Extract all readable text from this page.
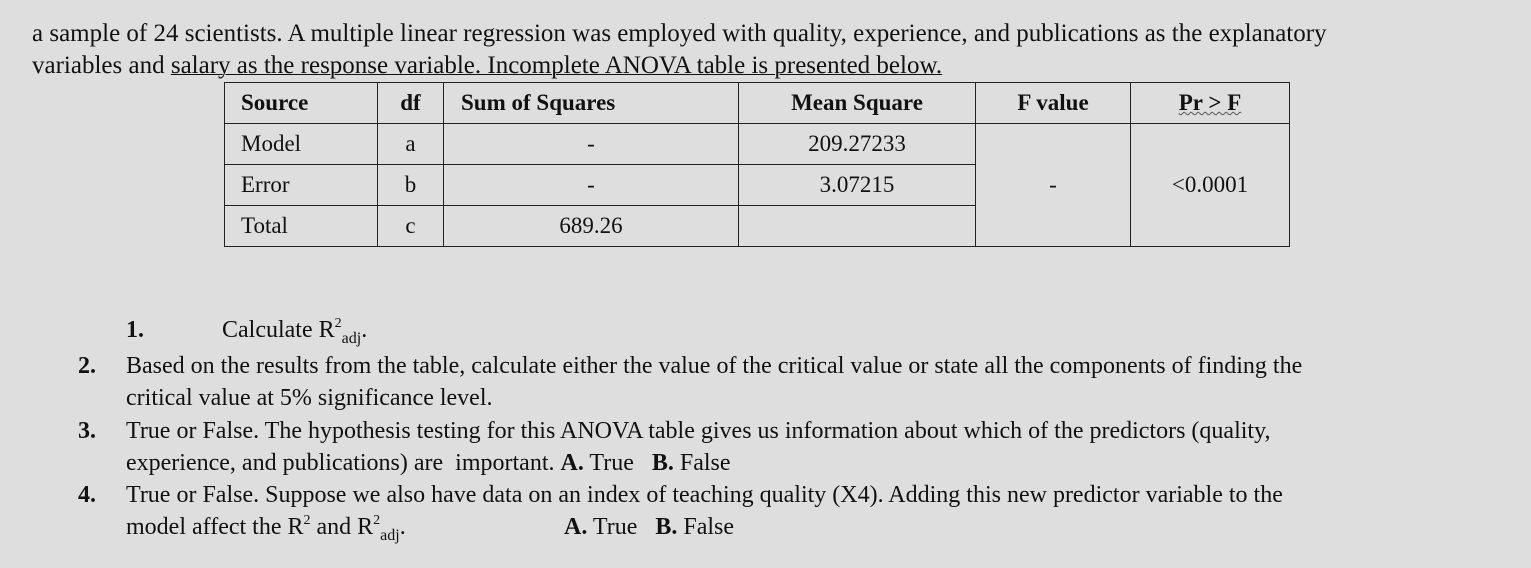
a sample of 24 scientists. A multiple linear regression was employed with quality, experience, and publications as the explanatory
variables and salary as the response variable. Incomplete ANOVA table is presented below.
Source	df	Sum of Squares	Mean Square	F value	Pr > F
Model	a	-	209.27233	-	<0.0001
Error	b	-	3.07215		
Total	c	689.26			
1.	Calculate $R^2_{adj}$.
2. Based on the results from the table, calculate either the value of the critical value or state all the components of finding the
critical value at 5% significance level.
3. True or False. The hypothesis testing for this ANOVA table gives us information about which of the predictors (quality,
experience, and publications) are  important. A. True   B. False
4. True or False. Suppose we also have data on an index of teaching quality (X4). Adding this new predictor variable to the
model affect the $R^2$ and $R^2_{adj}$.	A. True   B. False
